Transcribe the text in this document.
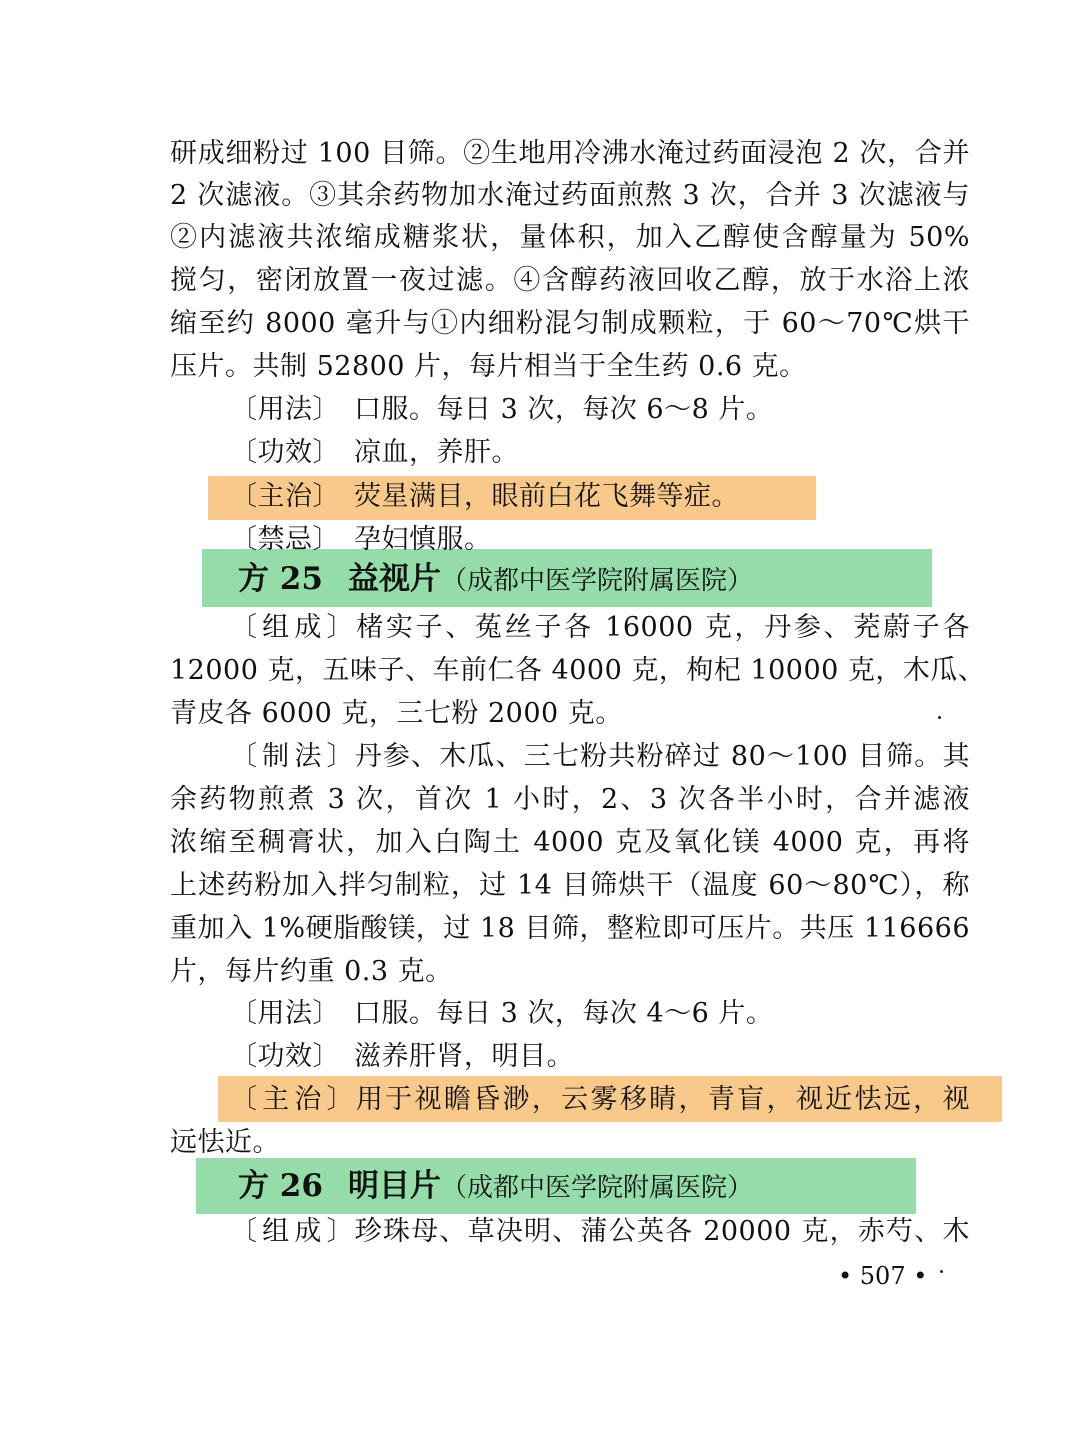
研成细粉过 100 目筛。②生地用冷沸水淹过药面浸泡 2 次，合并
2 次滤液。③其余药物加水淹过药面煎熬 3 次，合并 3 次滤液与
②内滤液共浓缩成糖浆状，量体积，加入乙醇使含醇量为 50%
搅匀，密闭放置一夜过滤。④含醇药液回收乙醇，放于水浴上浓
缩至约 8000 毫升与①内细粉混匀制成颗粒，于 60～70℃烘干
压片。共制 52800 片，每片相当于全生药 0.6 克。
〔用法〕 口服。每日 3 次，每次 6～8 片。
〔功效〕 凉血，养肝。
〔主治〕 荧星满目，眼前白花飞舞等症。
〔禁忌〕 孕妇慎服。
方 25 益视片（成都中医学院附属医院）
〔组成〕楮实子、菟丝子各 16000 克，丹参、茺蔚子各
12000 克，五味子、车前仁各 4000 克，枸杞 10000 克，木瓜、
青皮各 6000 克，三七粉 2000 克。
〔制法〕丹参、木瓜、三七粉共粉碎过 80～100 目筛。其
余药物煎煮 3 次，首次 1 小时，2、3 次各半小时，合并滤液
浓缩至稠膏状，加入白陶土 4000 克及氧化镁 4000 克，再将
上述药粉加入拌匀制粒，过 14 目筛烘干（温度 60～80℃），称
重加入 1%硬脂酸镁，过 18 目筛，整粒即可压片。共压 116666
片，每片约重 0.3 克。
〔用法〕 口服。每日 3 次，每次 4～6 片。
〔功效〕 滋养肝肾，明目。
〔主治〕用于视瞻昏渺，云雾移睛，青盲，视近怯远，视
远怯近。
方 26 明目片（成都中医学院附属医院）
〔组成〕珍珠母、草决明、蒲公英各 20000 克，赤芍、木
• 507 •
